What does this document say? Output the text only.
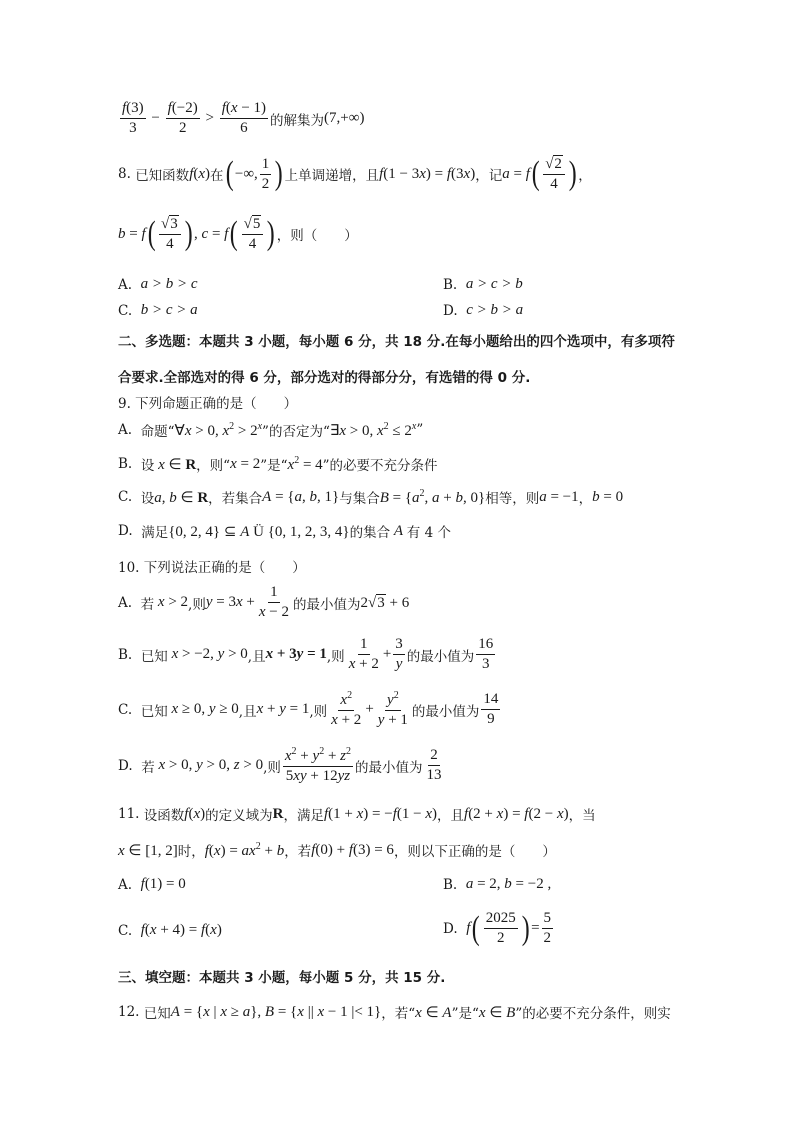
$\frac{f(3)}{3} - \frac{f(-2)}{2} > \frac{f(x - 1)}{6}$ 的解集为 (7,+∞)
8.
已知函数 f(x) 在 ( −∞, $\frac{1}{2}$ ) 上单调递增，且 f(1 − 3x) = f(3x) ，记 a = f ( $\frac{√ 2}{4}$ ) ，
b = f ( $\frac{√ 3}{4}$ ) , c = f ( $\frac{√ 5}{4}$ ) ，则（　　）
A.
a > b > c	B.
a > c > b
C.
b > c > a	D.
c > b > a
二、多选题：本题共 3 小题，每小题 6 分，共 18 分.在每小题给出的四个选项中，有多项符
合要求.全部选对的得 6 分，部分选对的得部分分，有选错的得 0 分.
9. 下列命题正确的是（　　）
A.
命题“ ∀x > 0, $x^2 > 2^x$ ”的否定为“ ∃x > 0, $x^2 \le 2^x$ ”
B.
设 x ∈ R ，则“ x = 2 ”是“ $x^2 = 4$ ”的必要不充分条件
C.
设 a, b ∈ R ，若集合 A = {a, b, 1} 与集合 $B = \{a^2$, a + b, 0} 相等，则 a = −1 ， b = 0
D.
满足 {0, 2, 4} ⊆ A Ü {0, 1, 2, 3, 4} 的集合 A 有 4 个
10. 下列说法正确的是（　　）
A.
若 x > 2 ,则 $y = 3x + \frac{1}{x - 2}$ 的最小值为 2√ 3 + 6
B.
已知 x > −2, y > 0 ,且 x + 3y = 1 ,则 $\frac{1}{x + 2} + \frac{3}{y}$ 的最小值为 $\frac{16}{3}$
C.
已知 x ≥ 0, y ≥ 0 ,且 x + y = 1 ,则 $\frac{x^2}{x + 2} + \frac{y^2}{y + 1}$ 的最小值为 $\frac{14}{9}$
D.
若 x > 0, y > 0, z > 0 ,则 $\frac{x^2 + y^2 + z^2}{5xy + 12yz}$ 的最小值为 $\frac{2}{13}$
11.
设函数 f(x) 的定义域为 R ，满足 f(1 + x) = −f(1 − x) ，且 f(2 + x) = f(2 − x) ，当
x ∈ [1, 2] 时， $f(x) = ax^2 + b$ ，若 f(0) + f(3) = 6 ，则以下正确的是（　　）
A.
f(1) = 0	B.
a = 2, b = −2 ,
C.
f(x + 4) = f(x)	D.
f ( $\frac{2025}{2}$ ) = $\frac{5}{2}$
三、填空题：本题共 3 小题，每小题 5 分，共 15 分.
12.
已知 A = {x | x ≥ a}, B = {x || x − 1 |< 1} ，若“ x ∈ A ”是“ x ∈ B ”的必要不充分条件，则实
